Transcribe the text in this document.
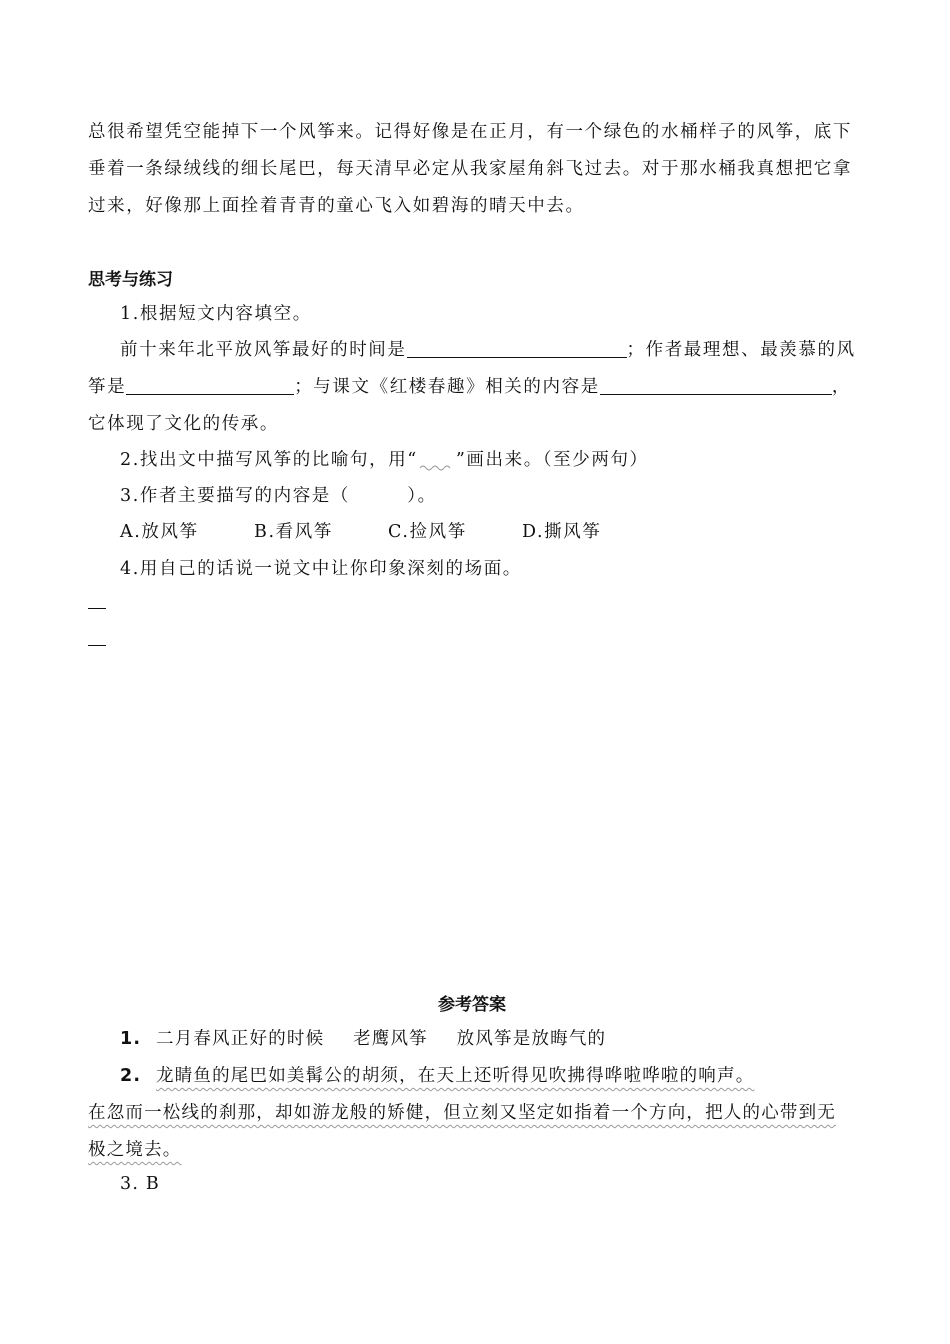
总很希望凭空能掉下一个风筝来。记得好像是在正月，有一个绿色的水桶样子的风筝，底下
垂着一条绿绒线的细长尾巴，每天清早必定从我家屋角斜飞过去。对于那水桶我真想把它拿
过来，好像那上面拴着青青的童心飞入如碧海的晴天中去。
思考与练习
1.根据短文内容填空。
前十来年北平放风筝最好的时间是	；作者最理想、最羡慕的风
筝是	；与课文《红楼春趣》相关的内容是	，
它体现了文化的传承。
2.找出文中描写风筝的比喻句，用“ ”画出来。（至少两句）
3.作者主要描写的内容是（　　　）。
A.放风筝	B.看风筝	C.捡风筝	D.撕风筝
4.用自己的话说一说文中让你印象深刻的场面。
参考答案
1. 二月春风正好的时候 老鹰风筝 放风筝是放晦气的
2. 龙睛鱼的尾巴如美髯公的胡须，在天上还听得见吹拂得哗啦哗啦的响声。
在忽而一松线的刹那，却如游龙般的矫健，但立刻又坚定如指着一个方向，把人的心带到无
极之境去。
3. B
